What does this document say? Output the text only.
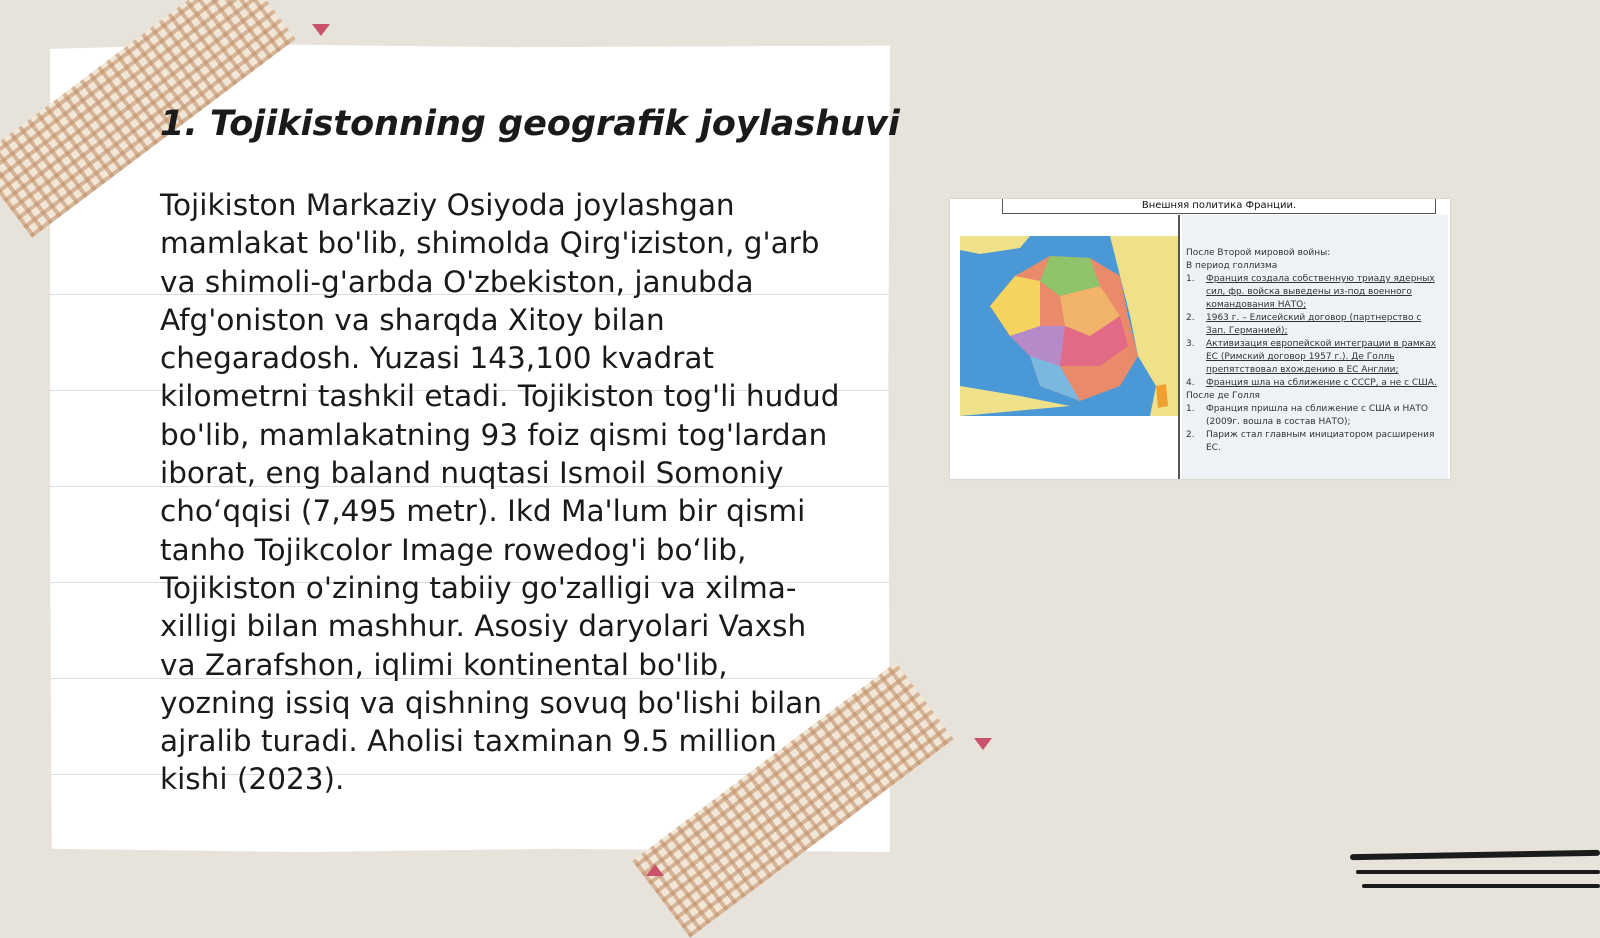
1. Tojikistonning geografik joylashuvi

Tojikiston Markaziy Osiyoda joylashgan mamlakat bo'lib, shimolda Qirg'iziston, g'arb va shimoli-g'arbda O'zbekiston, janubda Afg'oniston va sharqda Xitoy bilan chegaradosh. Yuzasi 143,100 kvadrat kilometrni tashkil etadi. Tojikiston tog'li hudud bo'lib, mamlakatning 93 foiz qismi tog'lardan iborat, eng baland nuqtasi Ismoil Somoniy cho‘qqisi (7,495 metr). Ikd Ma'lum bir qismi tanho Tojikcolor Image rowedog'i bo‘lib, Tojikiston o'zining tabiiy go'zalligi va xilma-xilligi bilan mashhur. Asosiy daryolari Vaxsh va Zarafshon, iqlimi kontinental bo'lib, yozning issiq va qishning sovuq bo'lishi bilan ajralib turadi. Aholisi taxminan 9.5 million kishi (2023).

Внешняя политика Франции.
После Второй мировой войны:
В период голлизма
1.	Франция создала собственную триаду ядерных сил, фр. войска выведены из-под военного командования НАТО;
2.	1963 г. – Елисейский договор (партнерство с Зап. Германией);
3.	Активизация европейской интеграции в рамках ЕС (Римский договор 1957 г.). Де Голль препятствовал вхождению в ЕС Англии;
4.	Франция шла на сближение с СССР, а не с США.
После де Голля
1.	Франция пришла на сближение с США и НАТО (2009г. вошла в состав НАТО);
2.	Париж стал главным инициатором расширения ЕС.
